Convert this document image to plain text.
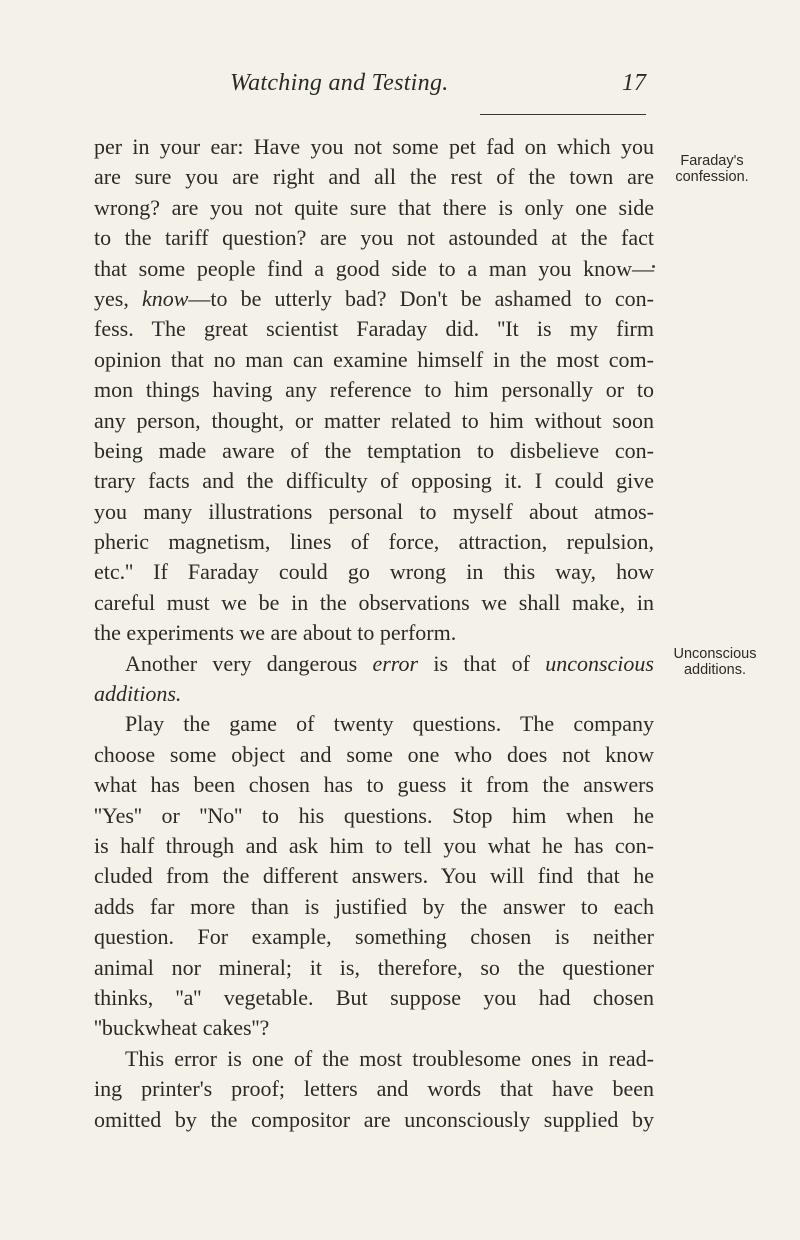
Watching and Testing.	17
Faraday's
confession.
Unconscious
additions.
per in your ear: Have you not some pet fad on which you
are sure you are right and all the rest of the town are
wrong? are you not quite sure that there is only one side
to the tariff question? are you not astounded at the fact
that some people find a good side to a man you know—
yes, know—to be utterly bad? Don't be ashamed to con-
fess. The great scientist Faraday did. ''It is my firm
opinion that no man can examine himself in the most com-
mon things having any reference to him personally or to
any person, thought, or matter related to him without soon
being made aware of the temptation to disbelieve con-
trary facts and the difficulty of opposing it. I could give
you many illustrations personal to myself about atmos-
pheric magnetism, lines of force, attraction, repulsion,
etc.'' If Faraday could go wrong in this way, how
careful must we be in the observations we shall make, in
the experiments we are about to perform.
Another very dangerous error is that of unconscious
additions.
Play the game of twenty questions. The company
choose some object and some one who does not know
what has been chosen has to guess it from the answers
''Yes'' or ''No'' to his questions. Stop him when he
is half through and ask him to tell you what he has con-
cluded from the different answers. You will find that he
adds far more than is justified by the answer to each
question. For example, something chosen is neither
animal nor mineral; it is, therefore, so the questioner
thinks, ''a'' vegetable. But suppose you had chosen
''buckwheat cakes''?
This error is one of the most troublesome ones in read-
ing printer's proof; letters and words that have been
omitted by the compositor are unconsciously supplied by
